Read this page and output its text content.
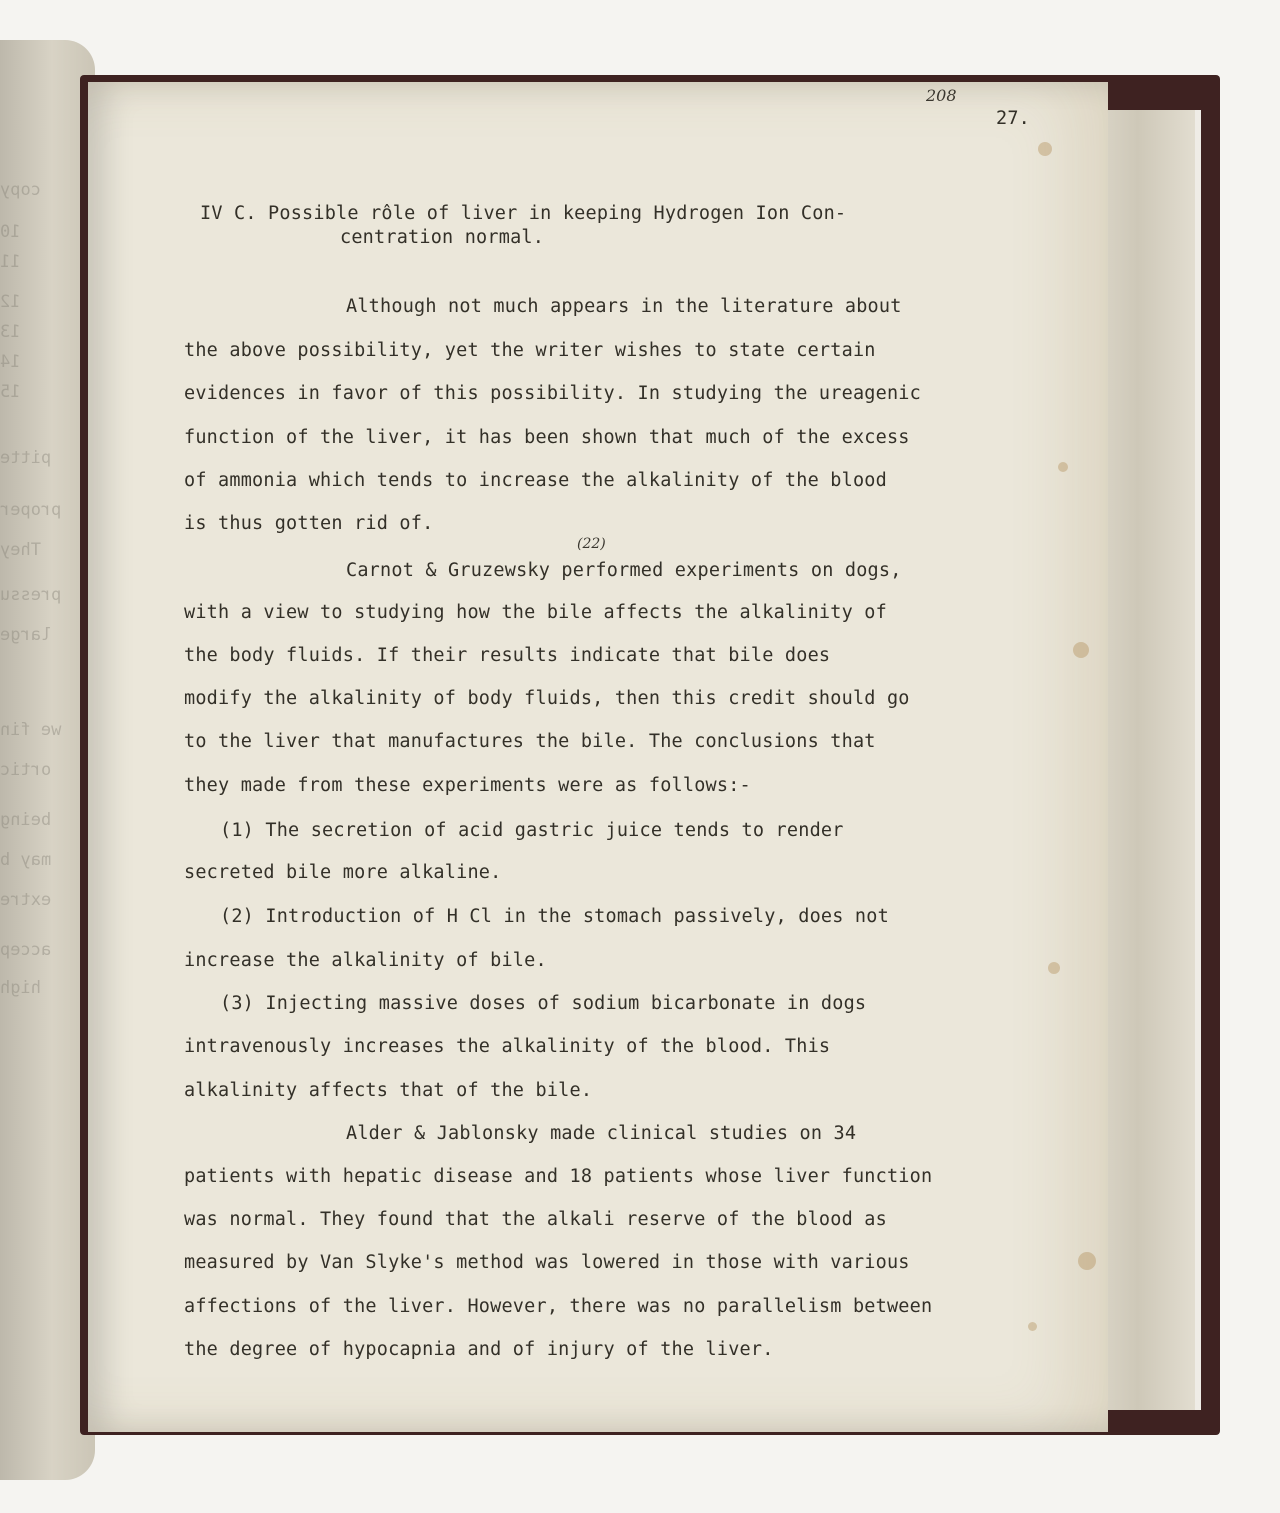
copy
10
11
12
13
14
15
pitte
proper
They
pressu
large
we fin
ortic
being
may b
extre
accep
high
208
27.
IV C. Possible rôle of liver in keeping Hydrogen Ion Con-
centration normal.
Although not much appears in the literature about
the above possibility, yet the writer wishes to state certain
evidences in favor of this possibility. In studying the ureagenic
function of the liver, it has been shown that much of the excess
of ammonia which tends to increase the alkalinity of the blood
is thus gotten rid of.
Carnot & Gruzewsky performed experiments on dogs,
with a view to studying how the bile affects the alkalinity of
the body fluids. If their results indicate that bile does
modify the alkalinity of body fluids, then this credit should go
to the liver that manufactures the bile. The conclusions that
they made from these experiments were as follows:-
(1) The secretion of acid gastric juice tends to render
secreted bile more alkaline.
(2) Introduction of H Cl in the stomach passively, does not
increase the alkalinity of bile.
(3) Injecting massive doses of sodium bicarbonate in dogs
intravenously increases the alkalinity of the blood. This
alkalinity affects that of the bile.
Alder & Jablonsky made clinical studies on 34
patients with hepatic disease and 18 patients whose liver function
was normal. They found that the alkali reserve of the blood as
measured by Van Slyke's method was lowered in those with various
affections of the liver. However, there was no parallelism between
the degree of hypocapnia and of injury of the liver.
(22)
